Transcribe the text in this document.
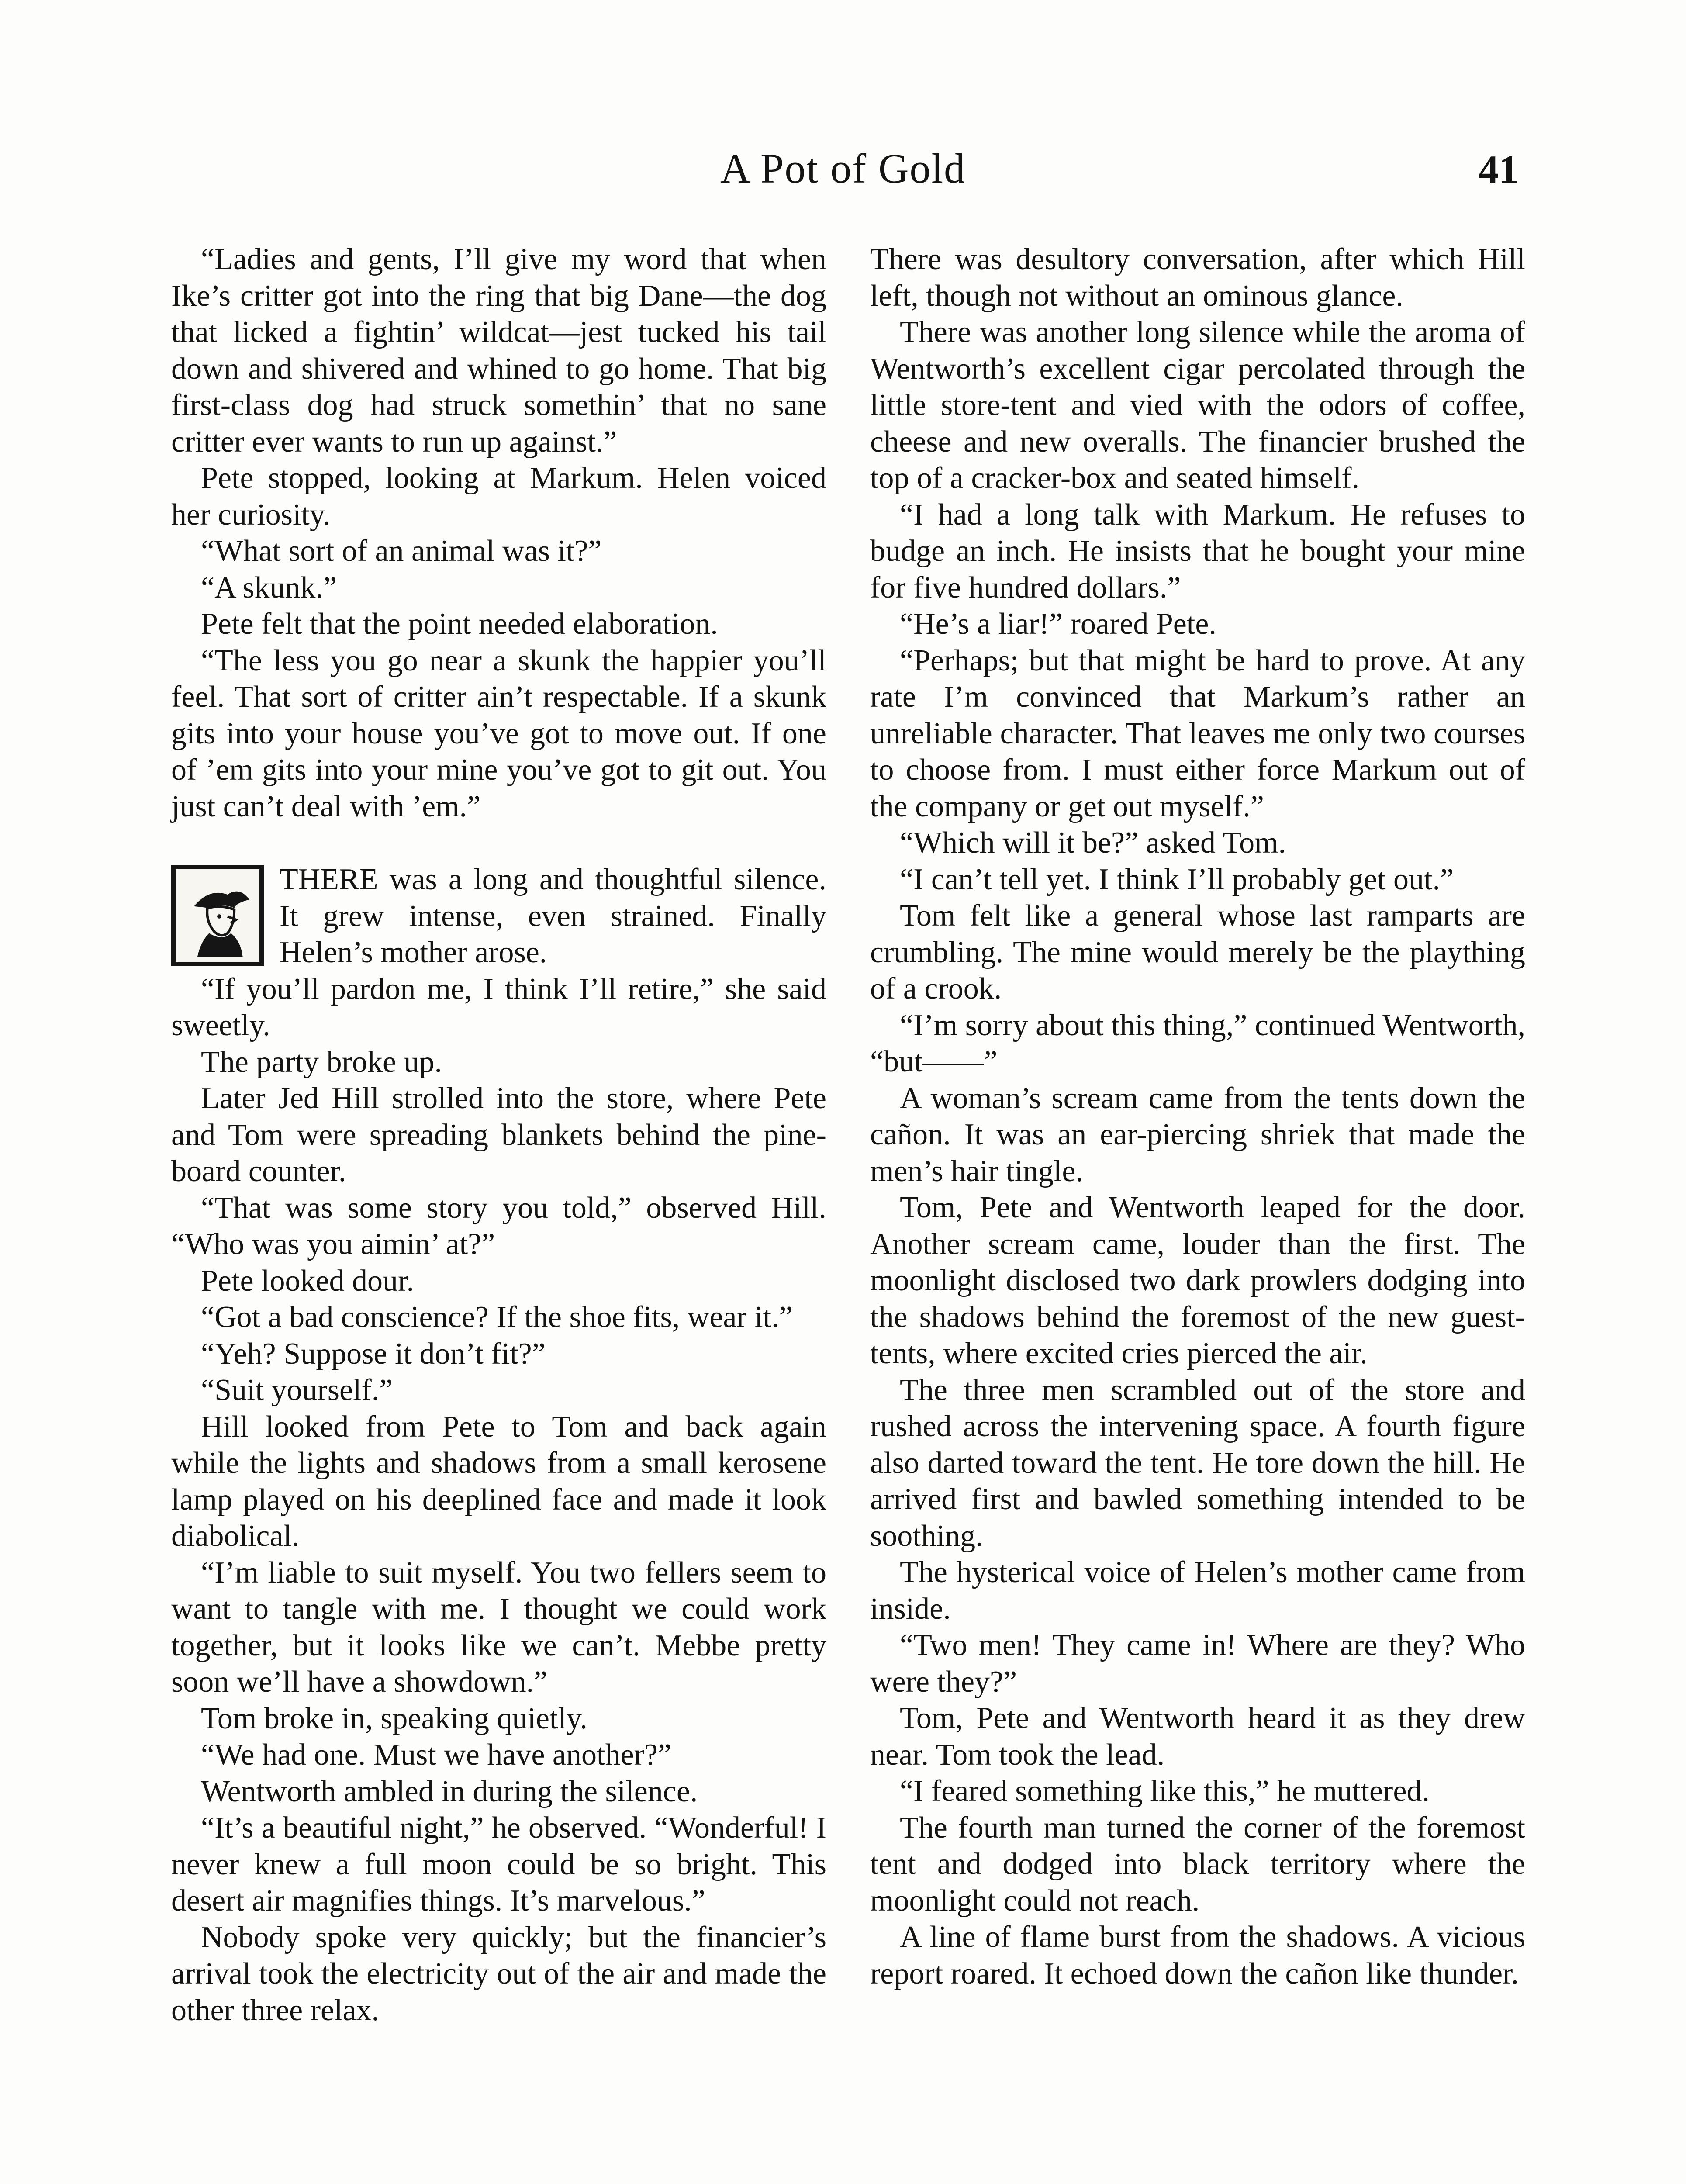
A Pot of Gold	41

“Ladies and gents, I’ll give my word that when Ike’s critter got into the ring that big Dane—the dog that licked a fightin’ wildcat—jest tucked his tail down and shivered and whined to go home. That big first-class dog had struck somethin’ that no sane critter ever wants to run up against.”

Pete stopped, looking at Markum. Helen voiced her curiosity.

“What sort of an animal was it?”

“A skunk.”

Pete felt that the point needed elaboration.

“The less you go near a skunk the happier you’ll feel. That sort of critter ain’t respectable. If a skunk gits into your house you’ve got to move out. If one of ’em gits into your mine you’ve got to git out. You just can’t deal with ’em.”

THERE was a long and thoughtful silence. It grew intense, even strained. Finally Helen’s mother arose.

“If you’ll pardon me, I think I’ll retire,” she said sweetly.

The party broke up.

Later Jed Hill strolled into the store, where Pete and Tom were spreading blankets behind the pine-board counter.

“That was some story you told,” observed Hill. “Who was you aimin’ at?”

Pete looked dour.

“Got a bad conscience? If the shoe fits, wear it.”

“Yeh? Suppose it don’t fit?”

“Suit yourself.”

Hill looked from Pete to Tom and back again while the lights and shadows from a small kerosene lamp played on his deeplined face and made it look diabolical.

“I’m liable to suit myself. You two fellers seem to want to tangle with me. I thought we could work together, but it looks like we can’t. Mebbe pretty soon we’ll have a showdown.”

Tom broke in, speaking quietly.

“We had one. Must we have another?”

Wentworth ambled in during the silence.

“It’s a beautiful night,” he observed. “Wonderful! I never knew a full moon could be so bright. This desert air magnifies things. It’s marvelous.”

Nobody spoke very quickly; but the financier’s arrival took the electricity out of the air and made the other three relax.

There was desultory conversation, after which Hill left, though not without an ominous glance.

There was another long silence while the aroma of Wentworth’s excellent cigar percolated through the little store-tent and vied with the odors of coffee, cheese and new overalls. The financier brushed the top of a cracker-box and seated himself.

“I had a long talk with Markum. He refuses to budge an inch. He insists that he bought your mine for five hundred dollars.”

“He’s a liar!” roared Pete.

“Perhaps; but that might be hard to prove. At any rate I’m convinced that Markum’s rather an unreliable character. That leaves me only two courses to choose from. I must either force Markum out of the company or get out myself.”

“Which will it be?” asked Tom.

“I can’t tell yet. I think I’ll probably get out.”

Tom felt like a general whose last ramparts are crumbling. The mine would merely be the plaything of a crook.

“I’m sorry about this thing,” continued Wentworth, “but——”

A woman’s scream came from the tents down the cañon. It was an ear-piercing shriek that made the men’s hair tingle.

Tom, Pete and Wentworth leaped for the door. Another scream came, louder than the first. The moonlight disclosed two dark prowlers dodging into the shadows behind the foremost of the new guest-tents, where excited cries pierced the air.

The three men scrambled out of the store and rushed across the intervening space. A fourth figure also darted toward the tent. He tore down the hill. He arrived first and bawled something intended to be soothing.

The hysterical voice of Helen’s mother came from inside.

“Two men! They came in! Where are they? Who were they?”

Tom, Pete and Wentworth heard it as they drew near. Tom took the lead.

“I feared something like this,” he muttered.

The fourth man turned the corner of the foremost tent and dodged into black territory where the moonlight could not reach.

A line of flame burst from the shadows. A vicious report roared. It echoed down the cañon like thunder.
